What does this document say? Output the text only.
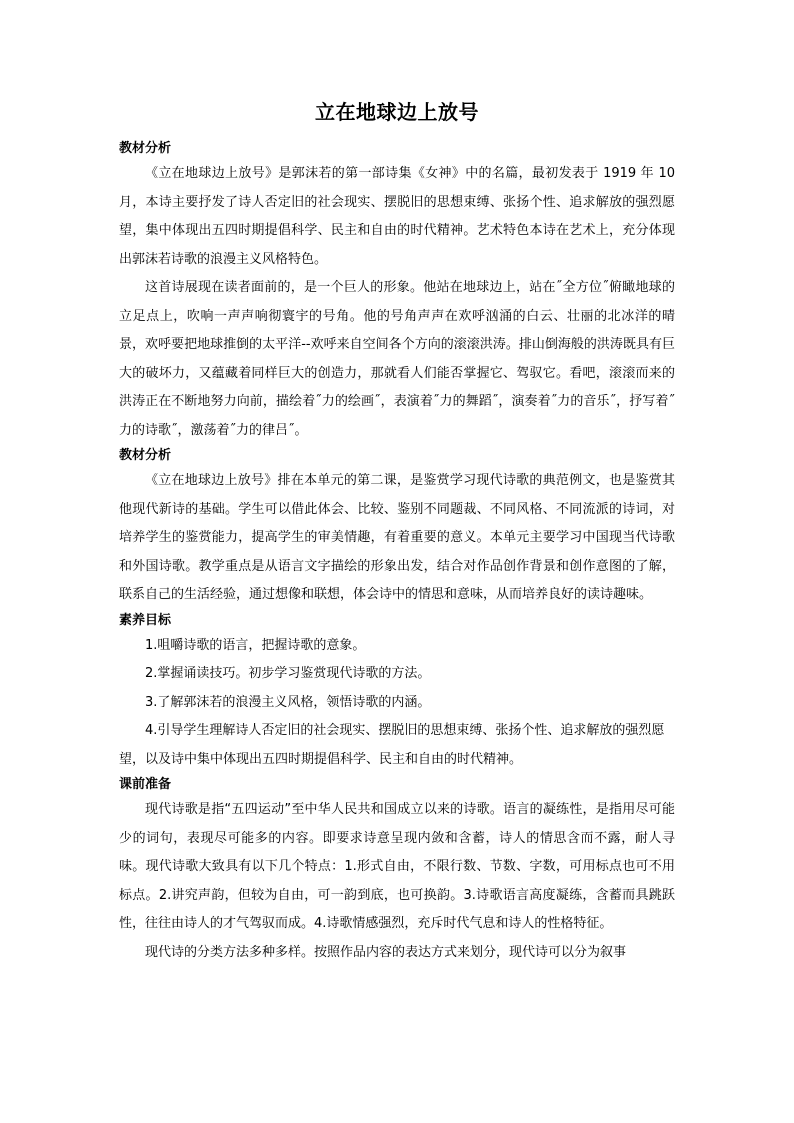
立在地球边上放号

教材分析

《立在地球边上放号》是郭沫若的第一部诗集《女神》中的名篇，最初发表于 1919 年 10 月，本诗主要抒发了诗人否定旧的社会现实、摆脱旧的思想束缚、张扬个性、追求解放的强烈愿望，集中体现出五四时期提倡科学、民主和自由的时代精神。艺术特色本诗在艺术上，充分体现出郭沫若诗歌的浪漫主义风格特色。

这首诗展现在读者面前的，是一个巨人的形象。他站在地球边上，站在˝全方位˝俯瞰地球的立足点上，吹响一声声响彻寰宇的号角。他的号角声声在欢呼汹涌的白云、壮丽的北冰洋的晴景，欢呼要把地球推倒的太平洋--欢呼来自空间各个方向的滚滚洪涛。排山倒海般的洪涛既具有巨大的破坏力，又蕴藏着同样巨大的创造力，那就看人们能否掌握它、驾驭它。看吧，滚滚而来的洪涛正在不断地努力向前，描绘着˝力的绘画˝，表演着˝力的舞蹈˝，演奏着˝力的音乐˝，抒写着˝力的诗歌˝，激荡着˝力的律吕˝。

教材分析

《立在地球边上放号》排在本单元的第二课，是鉴赏学习现代诗歌的典范例文，也是鉴赏其他现代新诗的基础。学生可以借此体会、比较、鉴别不同题裁、不同风格、不同流派的诗词，对培养学生的鉴赏能力，提高学生的审美情趣，有着重要的意义。本单元主要学习中国现当代诗歌和外国诗歌。教学重点是从语言文字描绘的形象出发，结合对作品创作背景和创作意图的了解，联系自己的生活经验，通过想像和联想，体会诗中的情思和意味，从而培养良好的读诗趣味。

素养目标

1.咀嚼诗歌的语言，把握诗歌的意象。

2.掌握诵读技巧。初步学习鉴赏现代诗歌的方法。

3.了解郭沫若的浪漫主义风格，领悟诗歌的内涵。

4.引导学生理解诗人否定旧的社会现实、摆脱旧的思想束缚、张扬个性、追求解放的强烈愿望，以及诗中集中体现出五四时期提倡科学、民主和自由的时代精神。

课前准备

现代诗歌是指“五四运动”至中华人民共和国成立以来的诗歌。语言的凝练性，是指用尽可能少的词句，表现尽可能多的内容。即要求诗意呈现内敛和含蓄，诗人的情思含而不露，耐人寻味。现代诗歌大致具有以下几个特点：1.形式自由，不限行数、节数、字数，可用标点也可不用标点。2.讲究声韵，但较为自由，可一韵到底，也可换韵。3.诗歌语言高度凝练，含蓄而具跳跃性，往往由诗人的才气驾驭而成。4.诗歌情感强烈，充斥时代气息和诗人的性格特征。

现代诗的分类方法多种多样。按照作品内容的表达方式来划分，现代诗可以分为叙事
